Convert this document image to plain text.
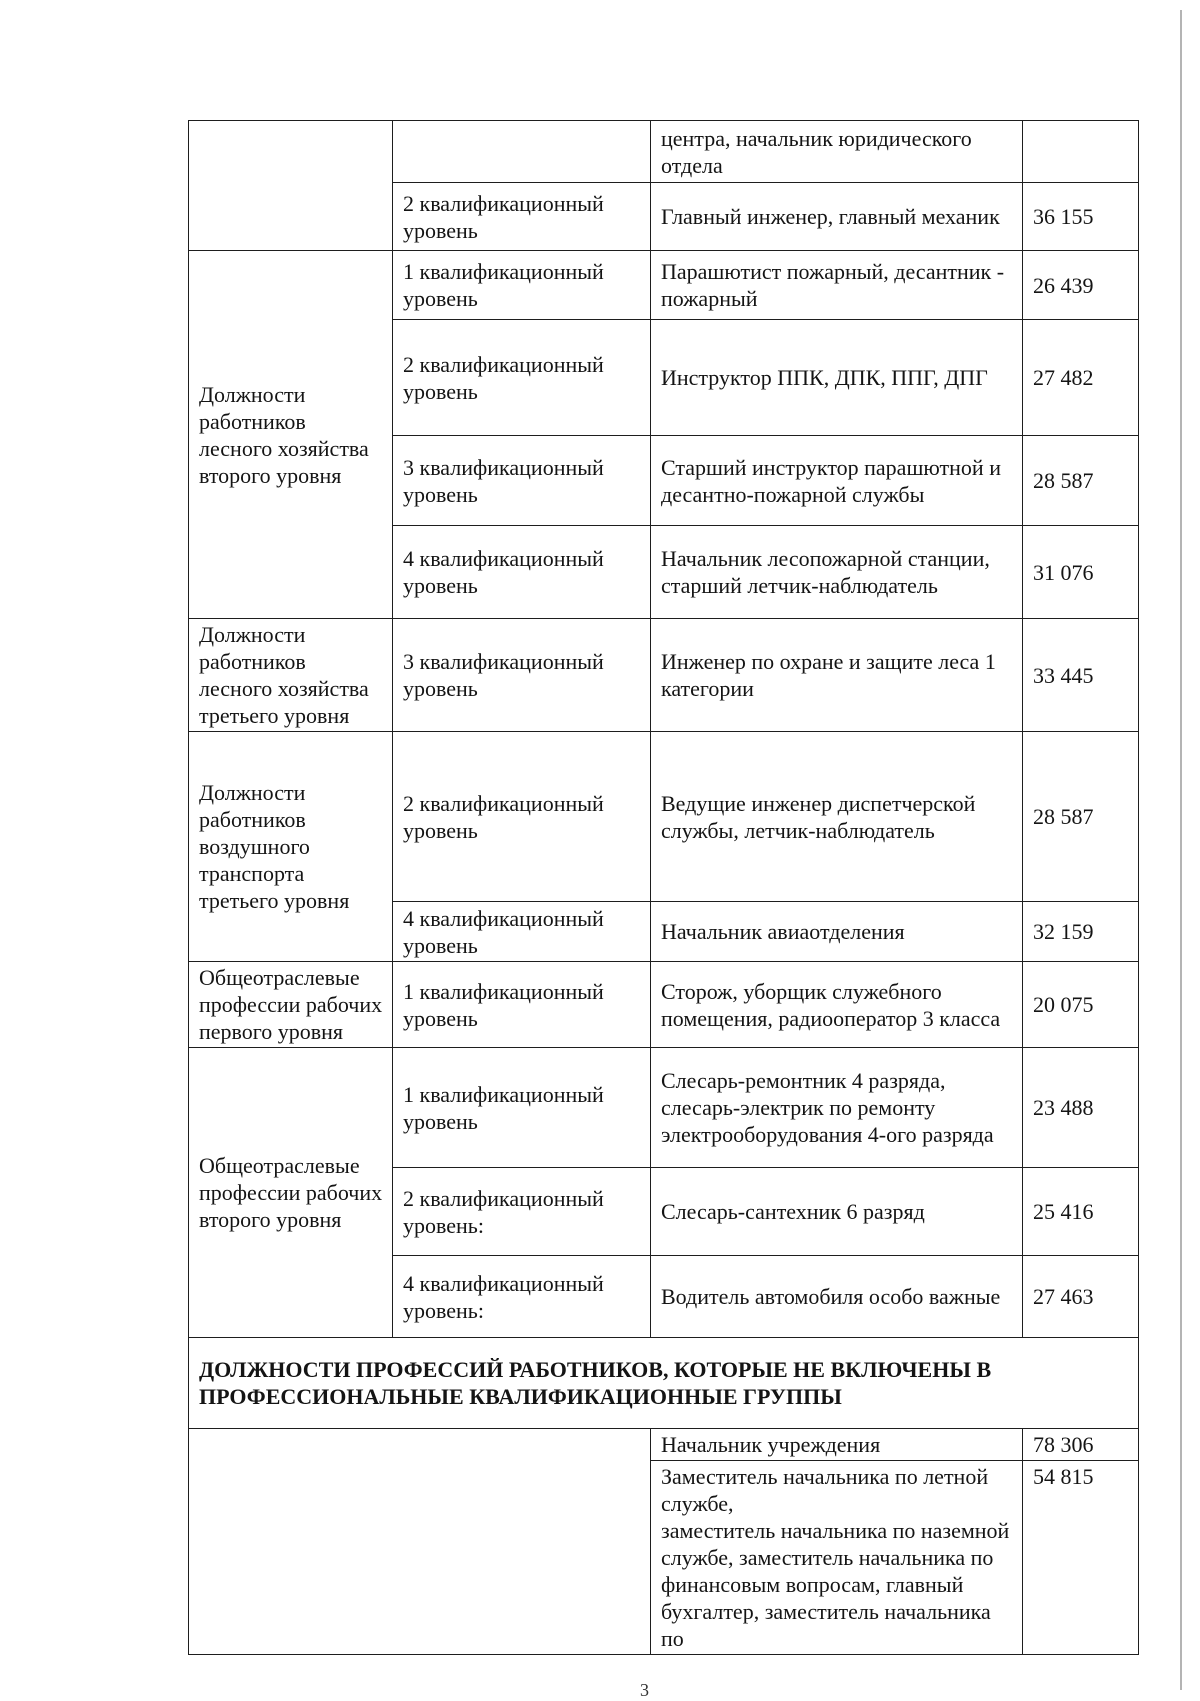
		центра, начальник юридического отдела	
	2 квалификационный уровень	Главный инженер, главный механик	36 155
Должности работников лесного хозяйства второго уровня	1 квалификационный уровень	Парашютист пожарный, десантник - пожарный	26 439
	2 квалификационный уровень	Инструктор ППК, ДПК, ППГ, ДПГ	27 482
	3 квалификационный уровень	Старший инструктор парашютной и десантно-пожарной службы	28 587
	4 квалификационный уровень	Начальник лесопожарной станции, старший летчик-наблюдатель	31 076
Должности работников лесного хозяйства третьего уровня	3 квалификационный уровень	Инженер по охране и защите леса 1 категории	33 445
Должности работников воздушного транспорта третьего уровня	2 квалификационный уровень	Ведущие инженер диспетчерской службы, летчик-наблюдатель	28 587
	4 квалификационный уровень	Начальник авиаотделения	32 159
Общеотраслевые профессии рабочих первого уровня	1 квалификационный уровень	Сторож, уборщик служебного помещения, радиооператор 3 класса	20 075
Общеотраслевые профессии рабочих второго уровня	1 квалификационный уровень	Слесарь-ремонтник 4 разряда, слесарь-электрик по ремонту электрооборудования 4-ого разряда	23 488
	2 квалификационный уровень:	Слесарь-сантехник 6 разряд	25 416
	4 квалификационный уровень:	Водитель автомобиля особо важные	27 463
ДОЛЖНОСТИ ПРОФЕССИЙ РАБОТНИКОВ, КОТОРЫЕ НЕ ВКЛЮЧЕНЫ В ПРОФЕССИОНАЛЬНЫЕ КВАЛИФИКАЦИОННЫЕ ГРУППЫ			
		Начальник учреждения	78 306
		Заместитель начальника по летной службе,
заместитель начальника по наземной службе, заместитель начальника по финансовым вопросам, главный бухгалтер, заместитель начальника по	54 815
3
